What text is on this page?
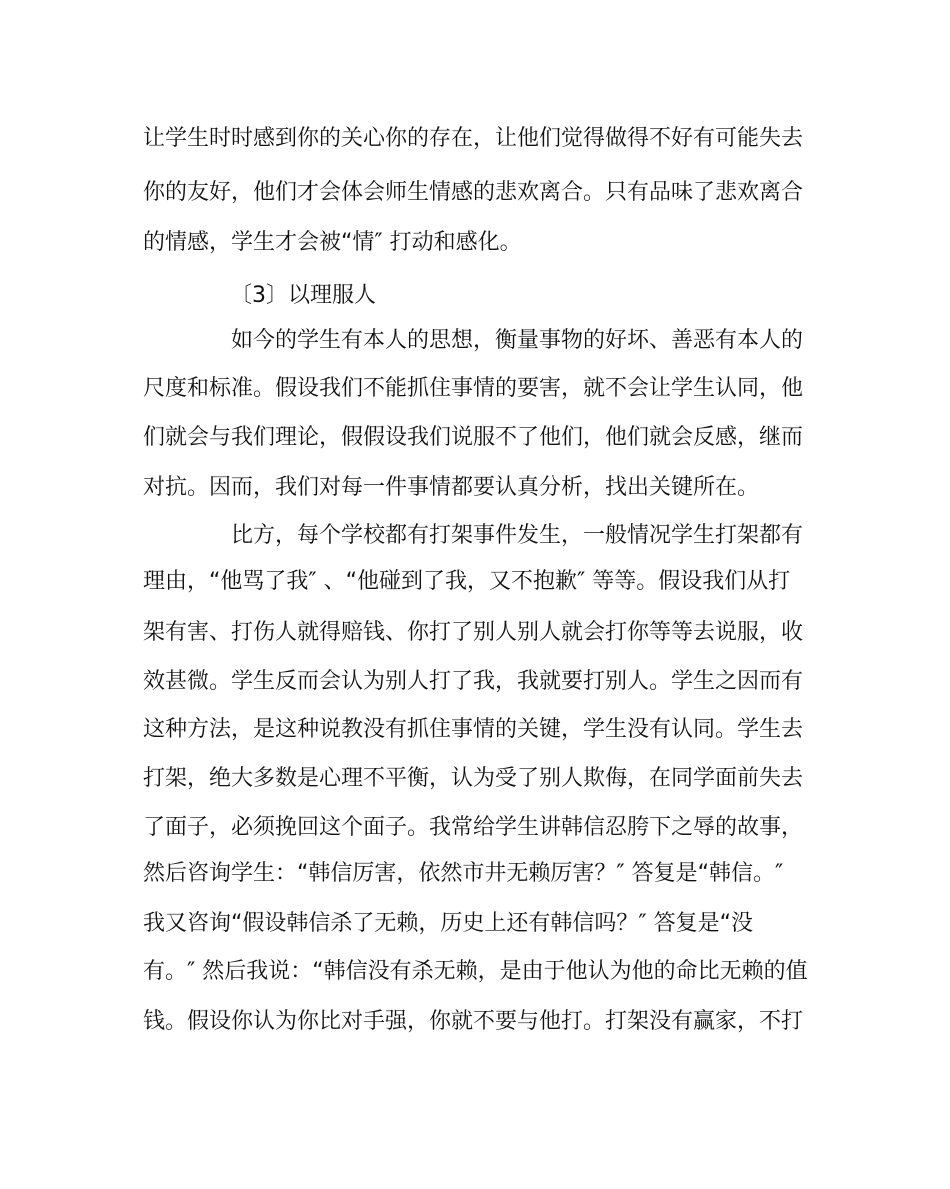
让学生时时感到你的关心你的存在，让他们觉得做得不好有可能失去

你的友好，他们才会体会师生情感的悲欢离合。只有品味了悲欢离合

的情感，学生才会被“情″ 打动和感化。

〔3〕以理服人

如今的学生有本人的思想，衡量事物的好坏、善恶有本人的

尺度和标准。假设我们不能抓住事情的要害，就不会让学生认同，他

们就会与我们理论，假假设我们说服不了他们，他们就会反感，继而

对抗。因而，我们对每一件事情都要认真分析，找出关键所在。

比方，每个学校都有打架事件发生，一般情况学生打架都有

理由，“他骂了我″ 、“他碰到了我，又不抱歉″ 等等。假设我们从打

架有害、打伤人就得赔钱、你打了别人别人就会打你等等去说服，收

效甚微。学生反而会认为别人打了我，我就要打别人。学生之因而有

这种方法，是这种说教没有抓住事情的关键，学生没有认同。学生去

打架，绝大多数是心理不平衡，认为受了别人欺侮，在同学面前失去

了面子，必须挽回这个面子。我常给学生讲韩信忍胯下之辱的故事，

然后咨询学生：“韩信厉害，依然市井无赖厉害？″ 答复是“韩信。″

我又咨询“假设韩信杀了无赖，历史上还有韩信吗？″ 答复是“没

有。″ 然后我说：“韩信没有杀无赖，是由于他认为他的命比无赖的值

钱。假设你认为你比对手强，你就不要与他打。打架没有赢家，不打
